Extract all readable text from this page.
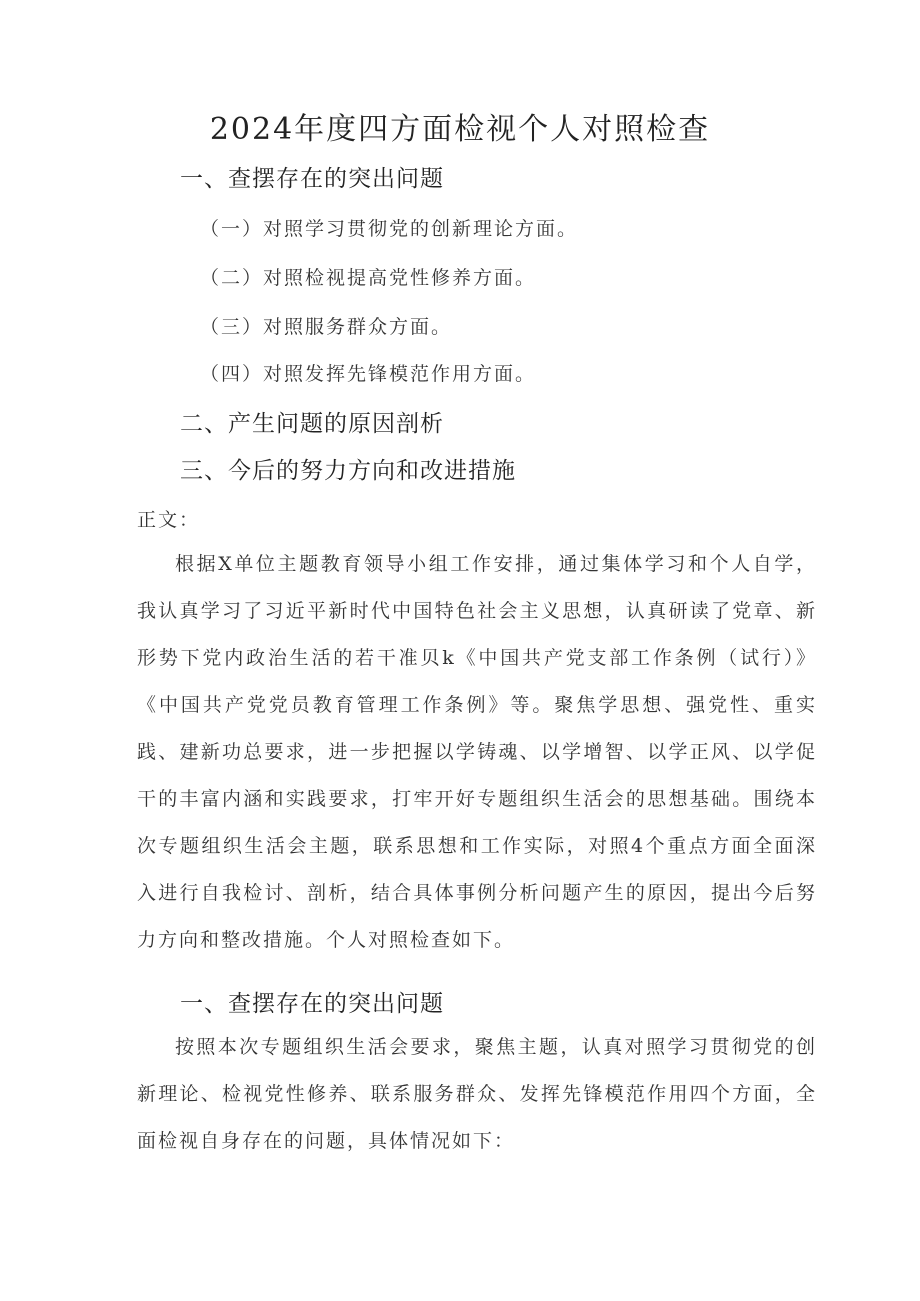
2024年度四方面检视个人对照检查
一、查摆存在的突出问题
（一）对照学习贯彻党的创新理论方面。
（二）对照检视提高党性修养方面。
（三）对照服务群众方面。
（四）对照发挥先锋模范作用方面。
二、产生问题的原因剖析
三、今后的努力方向和改进措施
正文：
根据X单位主题教育领导小组工作安排，通过集体学习和个人自学，我认真学习了习近平新时代中国特色社会主义思想，认真研读了党章、新形势下党内政治生活的若干准贝k《中国共产党支部工作条例（试行）》《中国共产党党员教育管理工作条例》等。聚焦学思想、强党性、重实践、建新功总要求，进一步把握以学铸魂、以学增智、以学正风、以学促干的丰富内涵和实践要求，打牢开好专题组织生活会的思想基础。围绕本次专题组织生活会主题，联系思想和工作实际，对照4个重点方面全面深入进行自我检讨、剖析，结合具体事例分析问题产生的原因，提出今后努力方向和整改措施。个人对照检查如下。
一、查摆存在的突出问题
按照本次专题组织生活会要求，聚焦主题，认真对照学习贯彻党的创新理论、检视党性修养、联系服务群众、发挥先锋模范作用四个方面，全面检视自身存在的问题，具体情况如下：
